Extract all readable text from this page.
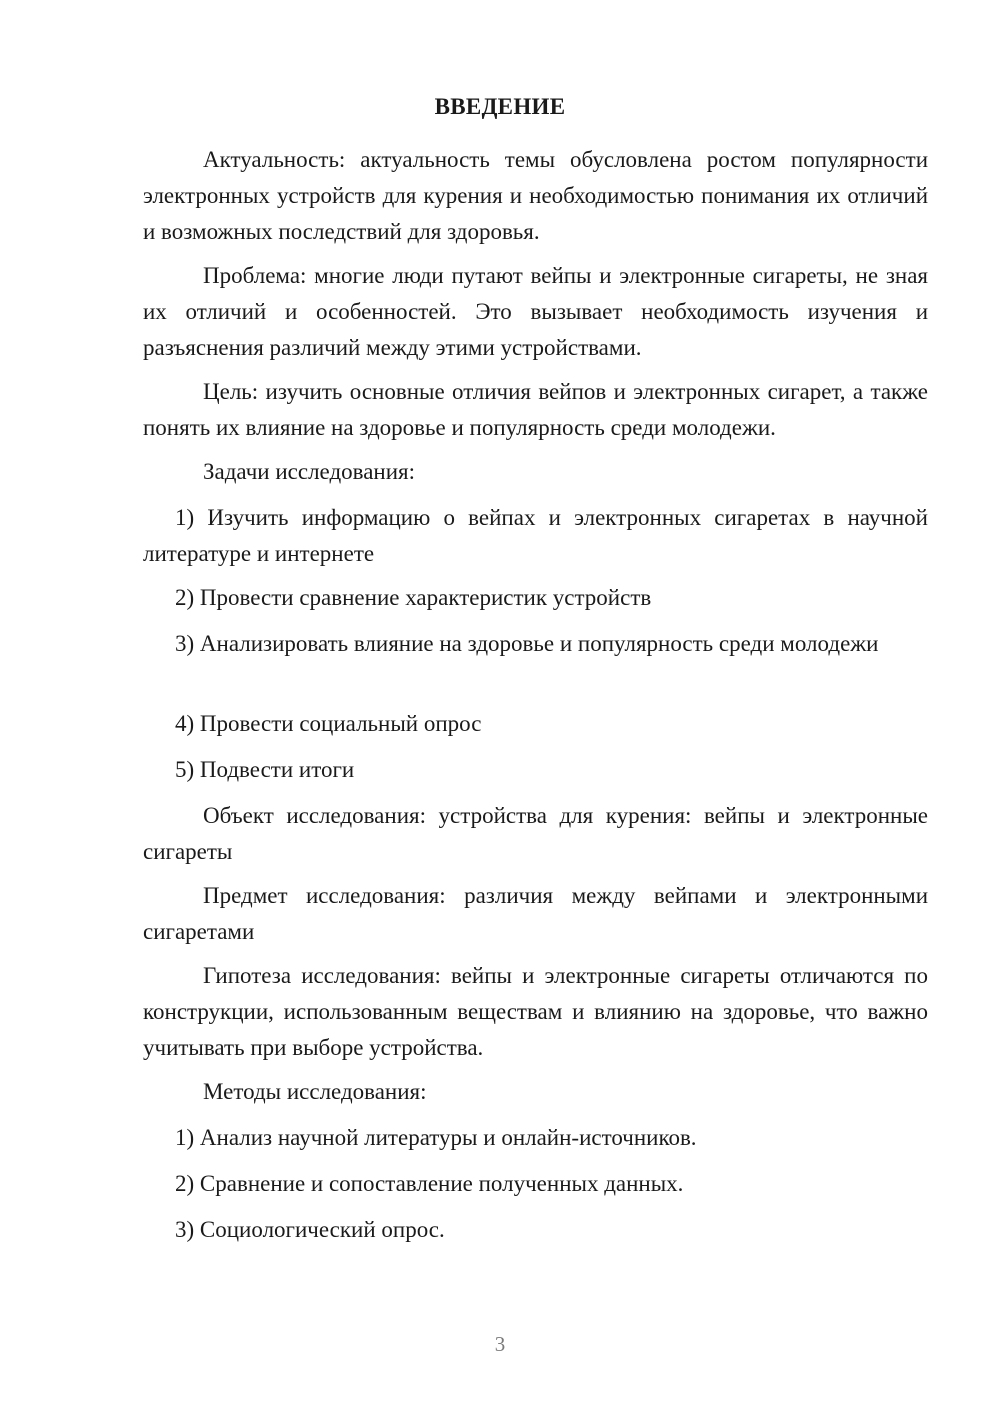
ВВЕДЕНИЕ

Актуальность: актуальность темы обусловлена ростом популярности электронных устройств для курения и необходимостью понимания их отличий и возможных последствий для здоровья.

Проблема: многие люди путают вейпы и электронные сигареты, не зная их отличий и особенностей. Это вызывает необходимость изучения и разъяснения различий между этими устройствами.

Цель: изучить основные отличия вейпов и электронных сигарет, а также понять их влияние на здоровье и популярность среди молодежи.

Задачи исследования:

1) Изучить информацию о вейпах и электронных сигаретах в научной литературе и интернете

2) Провести сравнение характеристик устройств

3) Анализировать влияние на здоровье и популярность среди молодежи

4) Провести социальный опрос

5) Подвести итоги

Объект исследования: устройства для курения: вейпы и электронные сигареты

Предмет исследования: различия между вейпами и электронными сигаретами

Гипотеза исследования: вейпы и электронные сигареты отличаются по конструкции, использованным веществам и влиянию на здоровье, что важно учитывать при выборе устройства.

Методы исследования:

1) Анализ научной литературы и онлайн-источников.

2) Сравнение и сопоставление полученных данных.

3) Социологический опрос.

3
